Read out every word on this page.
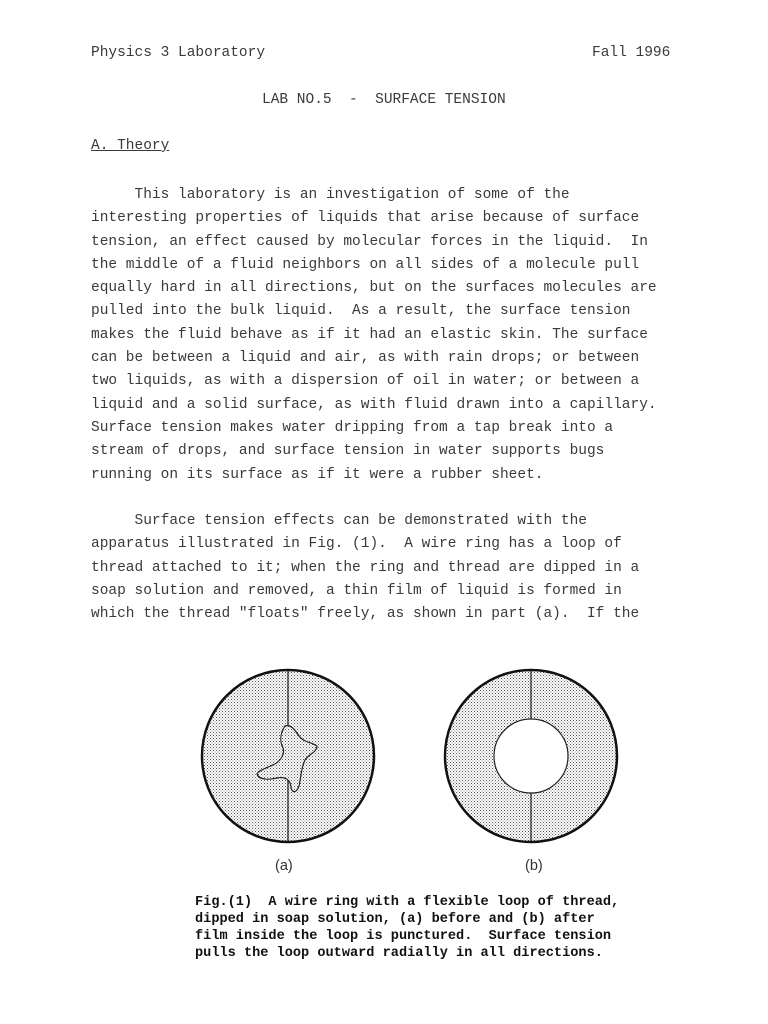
Physics 3 Laboratory	Fall 1996
LAB NO.5  -  SURFACE TENSION
A. Theory
This laboratory is an investigation of some of the
interesting properties of liquids that arise because of surface
tension, an effect caused by molecular forces in the liquid.  In
the middle of a fluid neighbors on all sides of a molecule pull
equally hard in all directions, but on the surfaces molecules are
pulled into the bulk liquid.  As a result, the surface tension
makes the fluid behave as if it had an elastic skin. The surface
can be between a liquid and air, as with rain drops; or between
two liquids, as with a dispersion of oil in water; or between a
liquid and a solid surface, as with fluid drawn into a capillary.
Surface tension makes water dripping from a tap break into a
stream of drops, and surface tension in water supports bugs
running on its surface as if it were a rubber sheet.
Surface tension effects can be demonstrated with the
apparatus illustrated in Fig. (1).  A wire ring has a loop of
thread attached to it; when the ring and thread are dipped in a
soap solution and removed, a thin film of liquid is formed in
which the thread "floats" freely, as shown in part (a).  If the
(a)	(b)
Fig.(1)  A wire ring with a flexible loop of thread,
dipped in soap solution, (a) before and (b) after
film inside the loop is punctured.  Surface tension
pulls the loop outward radially in all directions.
